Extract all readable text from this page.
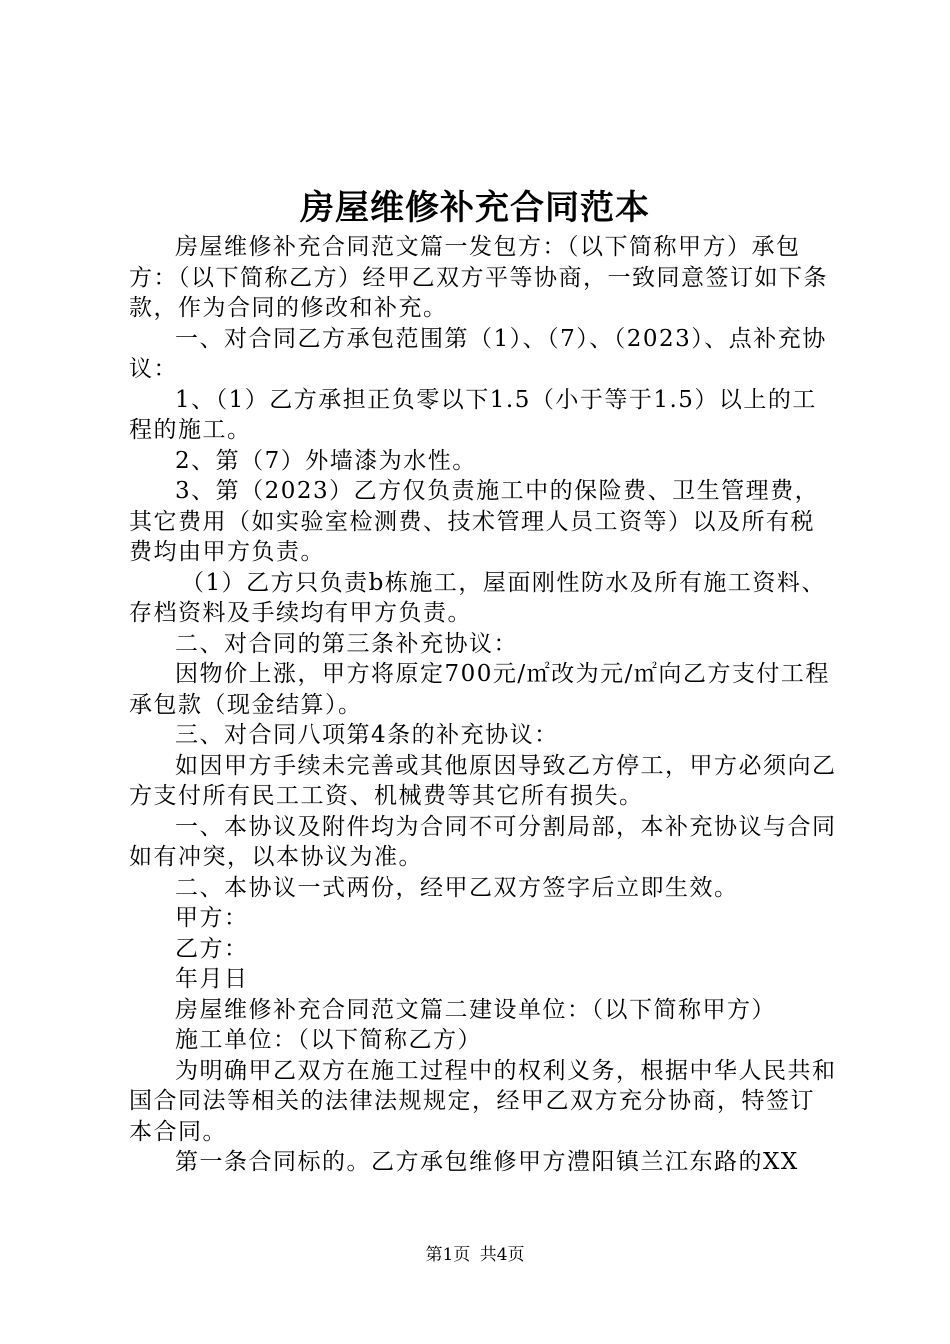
房屋维修补充合同范本

房屋维修补充合同范文篇一发包方：（以下简称甲方）承包方：（以下简称乙方）经甲乙双方平等协商，一致同意签订如下条款，作为合同的修改和补充。

一、对合同乙方承包范围第（1）、（7）、（2023）、点补充协议：

1、（1）乙方承担正负零以下1.5（小于等于1.5）以上的工程的施工。

2、第（7）外墙漆为水性。

3、第（2023）乙方仅负责施工中的保险费、卫生管理费，其它费用（如实验室检测费、技术管理人员工资等）以及所有税费均由甲方负责。

（1）乙方只负责b栋施工，屋面刚性防水及所有施工资料、存档资料及手续均有甲方负责。

二、对合同的第三条补充协议：

因物价上涨，甲方将原定700元/㎡改为元/㎡向乙方支付工程承包款（现金结算）。

三、对合同八项第4条的补充协议：

如因甲方手续未完善或其他原因导致乙方停工，甲方必须向乙方支付所有民工工资、机械费等其它所有损失。

一、本协议及附件均为合同不可分割局部，本补充协议与合同如有冲突，以本协议为准。

二、本协议一式两份，经甲乙双方签字后立即生效。

甲方：

乙方：

年月日

房屋维修补充合同范文篇二建设单位：（以下简称甲方）

施工单位：（以下简称乙方）

为明确甲乙双方在施工过程中的权利义务，根据中华人民共和国合同法等相关的法律法规规定，经甲乙双方充分协商，特签订本合同。

第一条合同标的。乙方承包维修甲方澧阳镇兰江东路的XX

第1页 共4页
